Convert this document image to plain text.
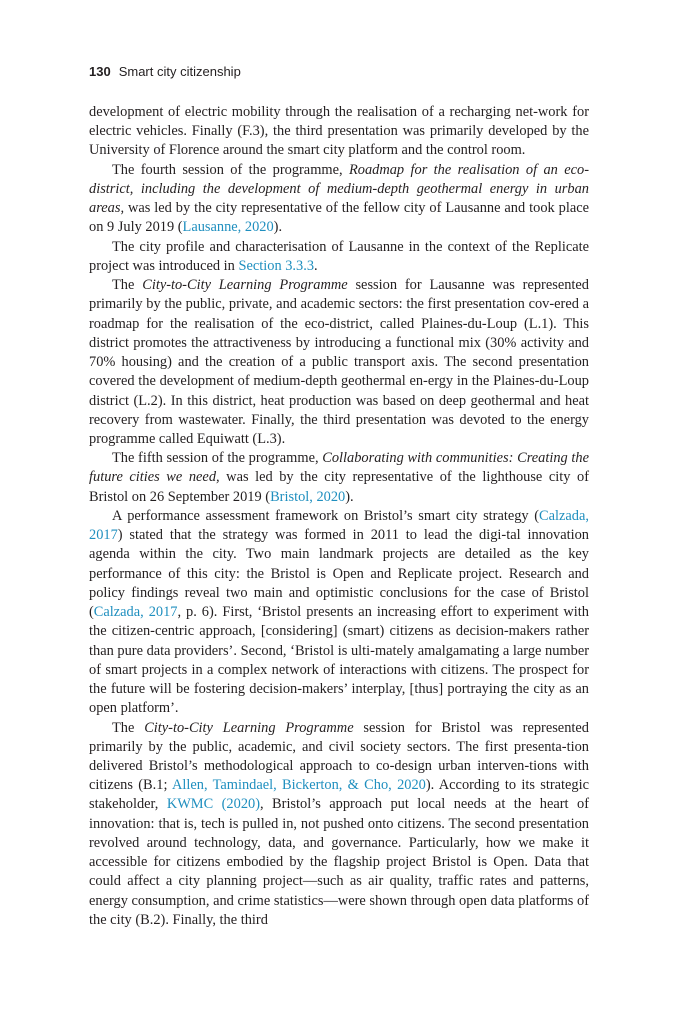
130 Smart city citizenship

development of electric mobility through the realisation of a recharging net-work for electric vehicles. Finally (F.3), the third presentation was primarily developed by the University of Florence around the smart city platform and the control room.

The fourth session of the programme, Roadmap for the realisation of an eco-district, including the development of medium-depth geothermal energy in urban areas, was led by the city representative of the fellow city of Lausanne and took place on 9 July 2019 (Lausanne, 2020).

The city profile and characterisation of Lausanne in the context of the Replicate project was introduced in Section 3.3.3.

The City-to-City Learning Programme session for Lausanne was represented primarily by the public, private, and academic sectors: the first presentation cov-ered a roadmap for the realisation of the eco-district, called Plaines-du-Loup (L.1). This district promotes the attractiveness by introducing a functional mix (30% activity and 70% housing) and the creation of a public transport axis. The second presentation covered the development of medium-depth geothermal en-ergy in the Plaines-du-Loup district (L.2). In this district, heat production was based on deep geothermal and heat recovery from wastewater. Finally, the third presentation was devoted to the energy programme called Equiwatt (L.3).

The fifth session of the programme, Collaborating with communities: Creating the future cities we need, was led by the city representative of the lighthouse city of Bristol on 26 September 2019 (Bristol, 2020).

A performance assessment framework on Bristol’s smart city strategy (Calzada, 2017) stated that the strategy was formed in 2011 to lead the digi-tal innovation agenda within the city. Two main landmark projects are detailed as the key performance of this city: the Bristol is Open and Replicate project. Research and policy findings reveal two main and optimistic conclusions for the case of Bristol (Calzada, 2017, p. 6). First, ‘Bristol presents an increasing effort to experiment with the citizen-centric approach, [considering] (smart) citizens as decision-makers rather than pure data providers’. Second, ‘Bristol is ulti-mately amalgamating a large number of smart projects in a complex network of interactions with citizens. The prospect for the future will be fostering decision-makers’ interplay, [thus] portraying the city as an open platform’.

The City-to-City Learning Programme session for Bristol was represented primarily by the public, academic, and civil society sectors. The first presenta-tion delivered Bristol’s methodological approach to co-design urban interven-tions with citizens (B.1; Allen, Tamindael, Bickerton, & Cho, 2020). According to its strategic stakeholder, KWMC (2020), Bristol’s approach put local needs at the heart of innovation: that is, tech is pulled in, not pushed onto citizens. The second presentation revolved around technology, data, and governance. Particularly, how we make it accessible for citizens embodied by the flagship project Bristol is Open. Data that could affect a city planning project—such as air quality, traffic rates and patterns, energy consumption, and crime statistics—were shown through open data platforms of the city (B.2). Finally, the third
